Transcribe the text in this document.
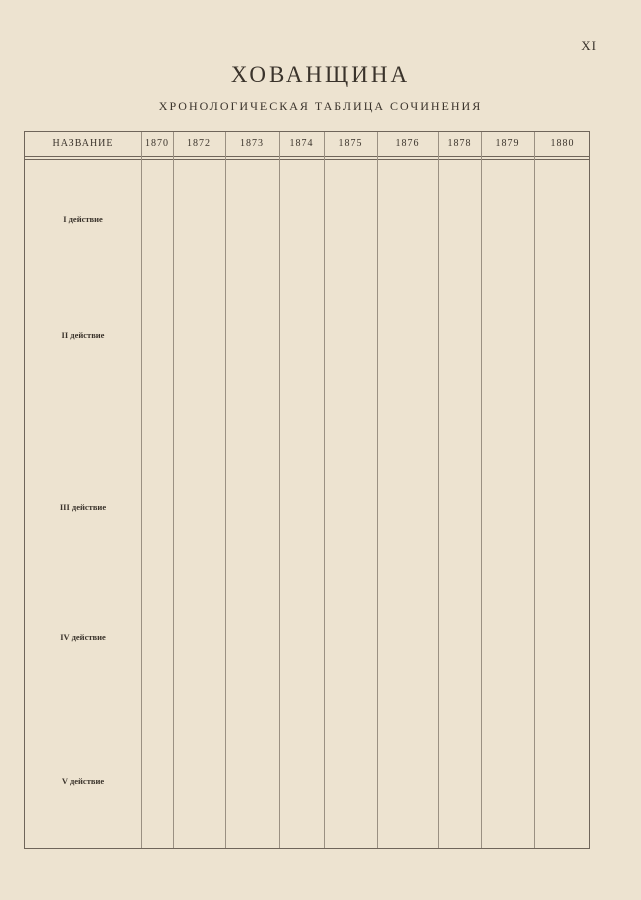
XI
ХОВАНЩИНА
ХРОНОЛОГИЧЕСКАЯ ТАБЛИЦА СОЧИНЕНИЯ
НАЗВАНИЕ	1870	1872	1873	1874	1875	1876	1878	1879	1880
I действие
II действие
III действие
IV действие
V действие
